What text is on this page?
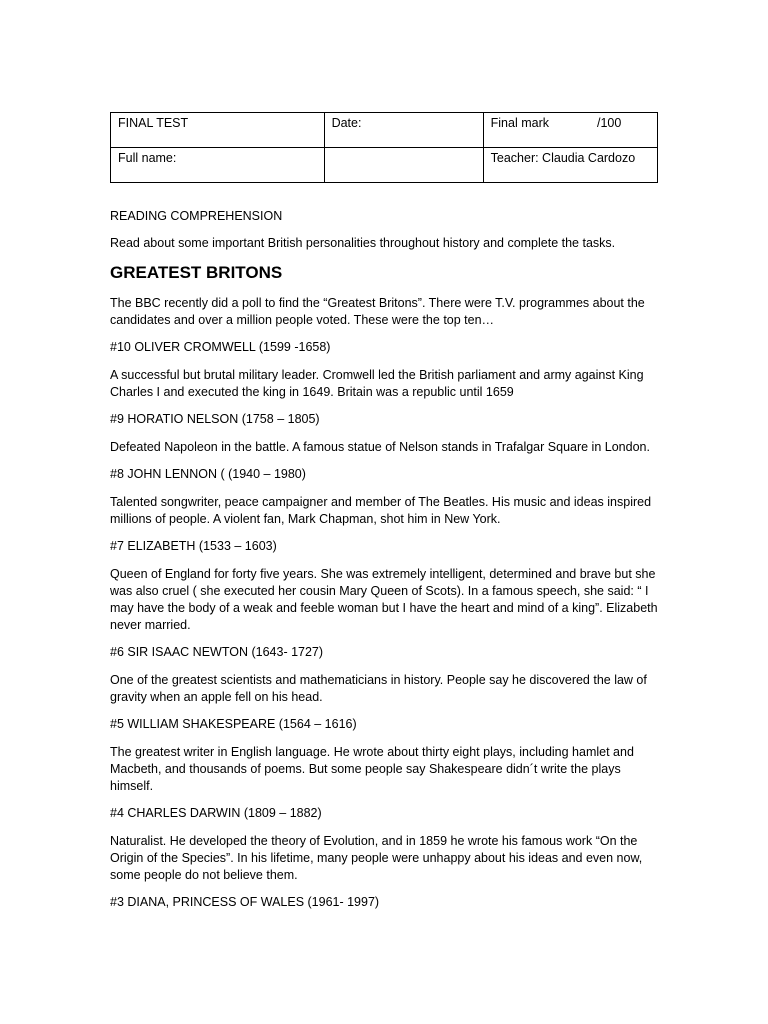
FINAL TEST	Date:	Final mark /100
Full name:		Teacher: Claudia Cardozo
READING COMPREHENSION
Read about some important British personalities throughout history and complete the tasks.
GREATEST BRITONS
The BBC recently did a poll to find the “Greatest Britons”. There were T.V. programmes about the candidates and over a million people voted. These were the top ten…
#10 OLIVER CROMWELL (1599 -1658)
A successful but brutal military leader. Cromwell led the British parliament and army against King Charles I and executed the king in 1649. Britain was a republic until 1659
#9 HORATIO NELSON (1758 – 1805)
Defeated Napoleon in the battle. A famous statue of Nelson stands in Trafalgar Square in London.
#8 JOHN LENNON ( (1940 – 1980)
Talented songwriter, peace campaigner and member of The Beatles. His music and ideas inspired millions of people. A violent fan, Mark Chapman, shot him in New York.
#7 ELIZABETH (1533 – 1603)
Queen of England for forty five years. She was extremely intelligent, determined and brave but she was also cruel ( she executed her cousin Mary Queen of Scots). In a famous speech, she said: “ I may have the body of a weak and feeble woman but I have the heart and mind of a king”. Elizabeth never married.
#6 SIR ISAAC NEWTON (1643- 1727)
One of the greatest scientists and mathematicians in history. People say he discovered the law of gravity when an apple fell on his head.
#5 WILLIAM SHAKESPEARE (1564 – 1616)
The greatest writer in English language. He wrote about thirty eight plays, including hamlet and Macbeth, and thousands of poems. But some people say Shakespeare didn´t write the plays himself.
#4 CHARLES DARWIN (1809 – 1882)
Naturalist. He developed the theory of Evolution, and in 1859 he wrote his famous work “On the Origin of the Species”. In his lifetime, many people were unhappy about his ideas and even now, some people do not believe them.
#3 DIANA, PRINCESS OF WALES (1961- 1997)
